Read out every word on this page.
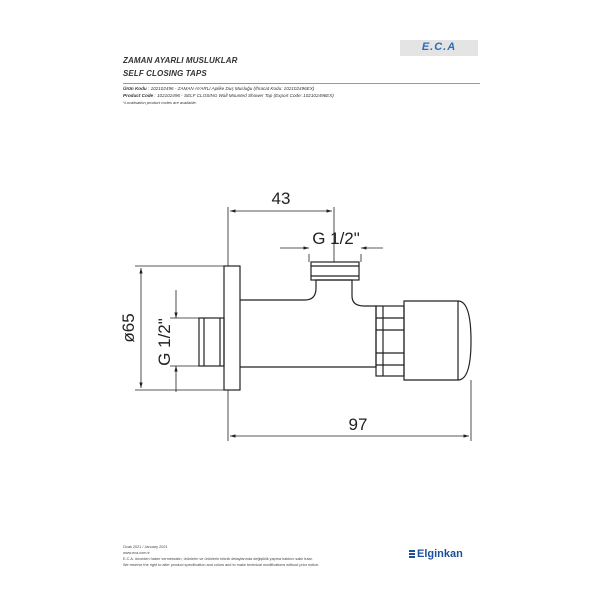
ZAMAN AYARLI MUSLUKLAR
SELF CLOSING TAPS
E.C.A
Ürün Kodu : 102102496 - ZAMAN AYARLI Aplike Duş Musluğu (İhracat Kodu: 102102496EX)
Product Code : 102102496 - SELF CLOSING Wall Mounted Shower Tap (Export Code: 102102496EX)
*Localisation product codes are available.
43
G 1/2"
ø65 G 1/2"
97
Ocak 2021 / January 2021
www.eca.com.tr
E.C.A. önceden haber vermeksizin, ürünlerin ve ürünlerin teknik detaylarında değişiklik yapma hakkını saklı tutar.
We reserve the right to alter product specification and colors and to make technical modifications without prior notice.
Elginkan
